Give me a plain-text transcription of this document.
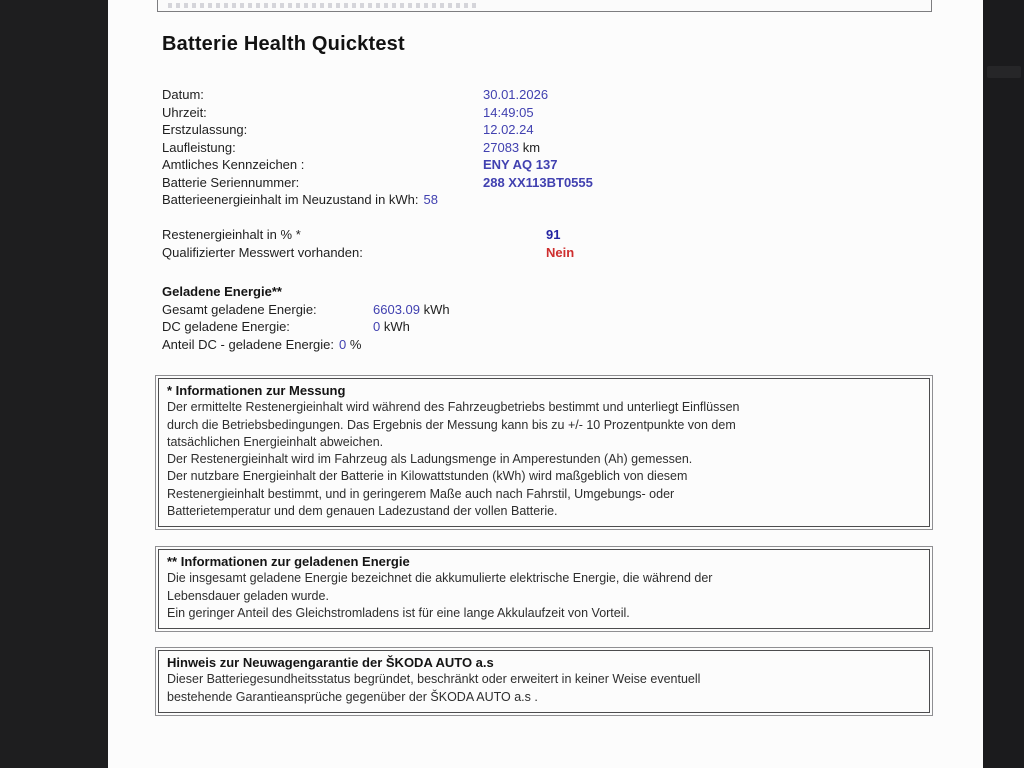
Batterie Health Quicktest
Datum:	30.01.2026
Uhrzeit:	14:49:05
Erstzulassung:	12.02.24
Laufleistung:	27083 km
Amtliches Kennzeichen :	ENY AQ 137
Batterie Seriennummer:	288 XX113BT0555
Batterieenergieinhalt im Neuzustand in kWh: 58
Restenergieinhalt in % *	91
Qualifizierter Messwert vorhanden:	Nein
Geladene Energie**
Gesamt geladene Energie:	6603.09 kWh
DC geladene Energie:	0 kWh
Anteil DC - geladene Energie: 0 %
* Informationen zur Messung
Der ermittelte Restenergieinhalt wird während des Fahrzeugbetriebs bestimmt und unterliegt Einflüssen
durch die Betriebsbedingungen. Das Ergebnis der Messung kann bis zu +/- 10 Prozentpunkte von dem
tatsächlichen Energieinhalt abweichen.
Der Restenergieinhalt wird im Fahrzeug als Ladungsmenge in Amperestunden (Ah) gemessen.
Der nutzbare Energieinhalt der Batterie in Kilowattstunden (kWh) wird maßgeblich von diesem
Restenergieinhalt bestimmt, und in geringerem Maße auch nach Fahrstil, Umgebungs- oder
Batterietemperatur und dem genauen Ladezustand der vollen Batterie.
** Informationen zur geladenen Energie
Die insgesamt geladene Energie bezeichnet die akkumulierte elektrische Energie, die während der
Lebensdauer geladen wurde.
Ein geringer Anteil des Gleichstromladens ist für eine lange Akkulaufzeit von Vorteil.
Hinweis zur Neuwagengarantie der ŠKODA AUTO a.s
Dieser Batteriegesundheitsstatus begründet, beschränkt oder erweitert in keiner Weise eventuell
bestehende Garantieansprüche gegenüber der ŠKODA AUTO a.s .
